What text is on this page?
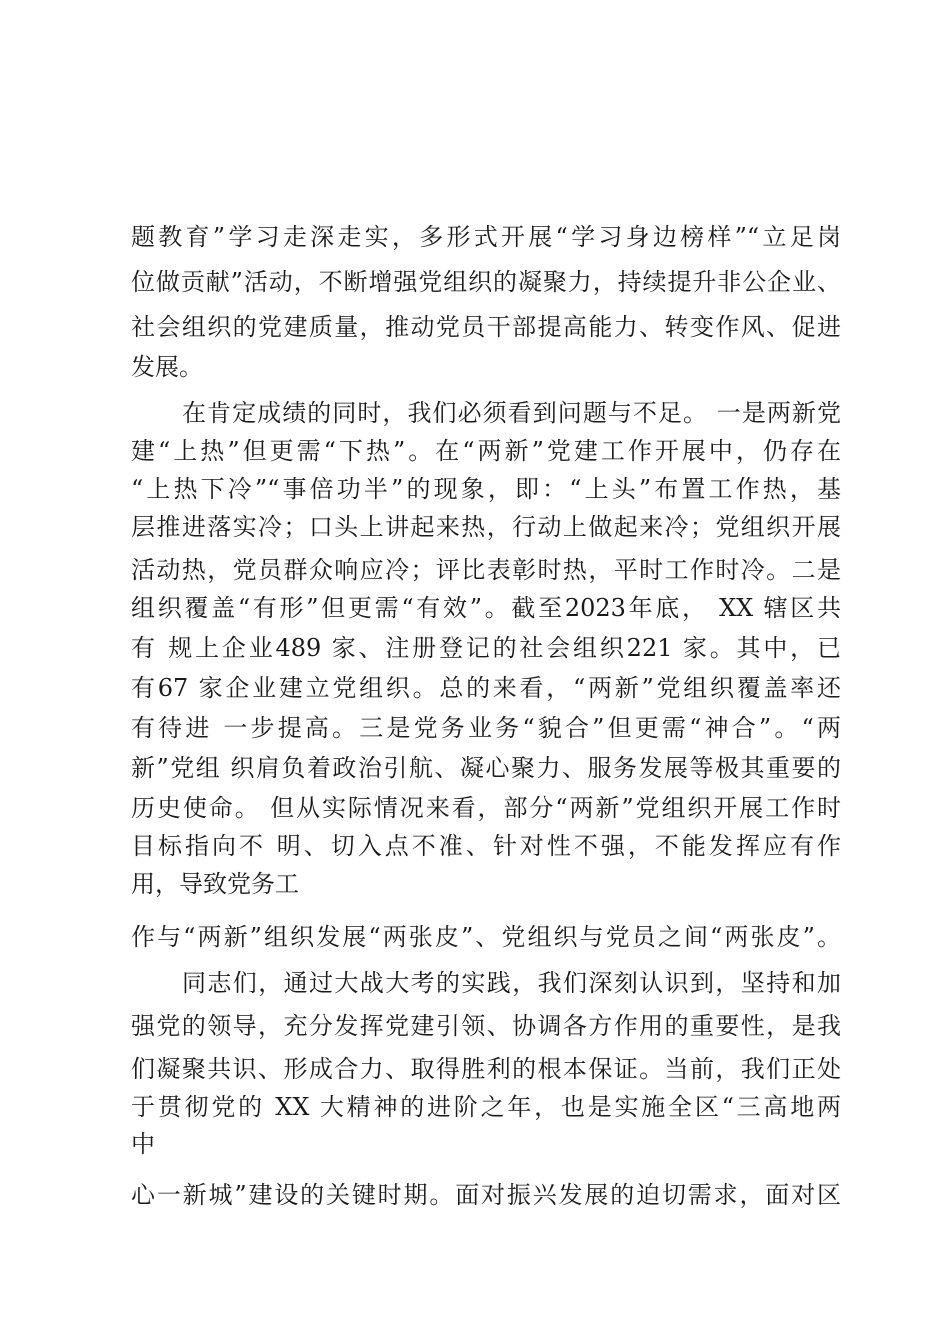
题教育”学习走深走实，多形式开展“学习身边榜样”“立足岗
位做贡献”活动，不断增强党组织的凝聚力，持续提升非公企业、
社会组织的党建质量，推动党员干部提高能力、转变作风、促进
发展。
在肯定成绩的同时，我们必须看到问题与不足。 一是两新党
建“上热”但更需“下热”。在“两新”党建工作开展中，仍存在
“上热下冷”“事倍功半”的现象，即：“上头”布置工作热，基
层推进落实冷；口头上讲起来热，行动上做起来冷；党组织开展
活动热，党员群众响应冷；评比表彰时热，平时工作时冷。二是
组织覆盖“有形”但更需“有效”。截至2023年底， XX 辖区共
有 规上企业489 家、注册登记的社会组织221 家。其中，已
有67 家企业建立党组织。总的来看，“两新”党组织覆盖率还
有待进 一步提高。三是党务业务“貌合”但更需“神合”。“两
新”党组 织肩负着政治引航、凝心聚力、服务发展等极其重要的
历史使命。 但从实际情况来看，部分“两新”党组织开展工作时
目标指向不 明、切入点不准、针对性不强，不能发挥应有作
用，导致党务工
作与“两新”组织发展“两张皮”、党组织与党员之间“两张皮”。
同志们，通过大战大考的实践，我们深刻认识到，坚持和加
强党的领导，充分发挥党建引领、协调各方作用的重要性，是我
们凝聚共识、形成合力、取得胜利的根本保证。当前，我们正处
于贯彻党的 XX 大精神的进阶之年，也是实施全区“三高地两
中
心一新城”建设的关键时期。面对振兴发展的迫切需求，面对区
